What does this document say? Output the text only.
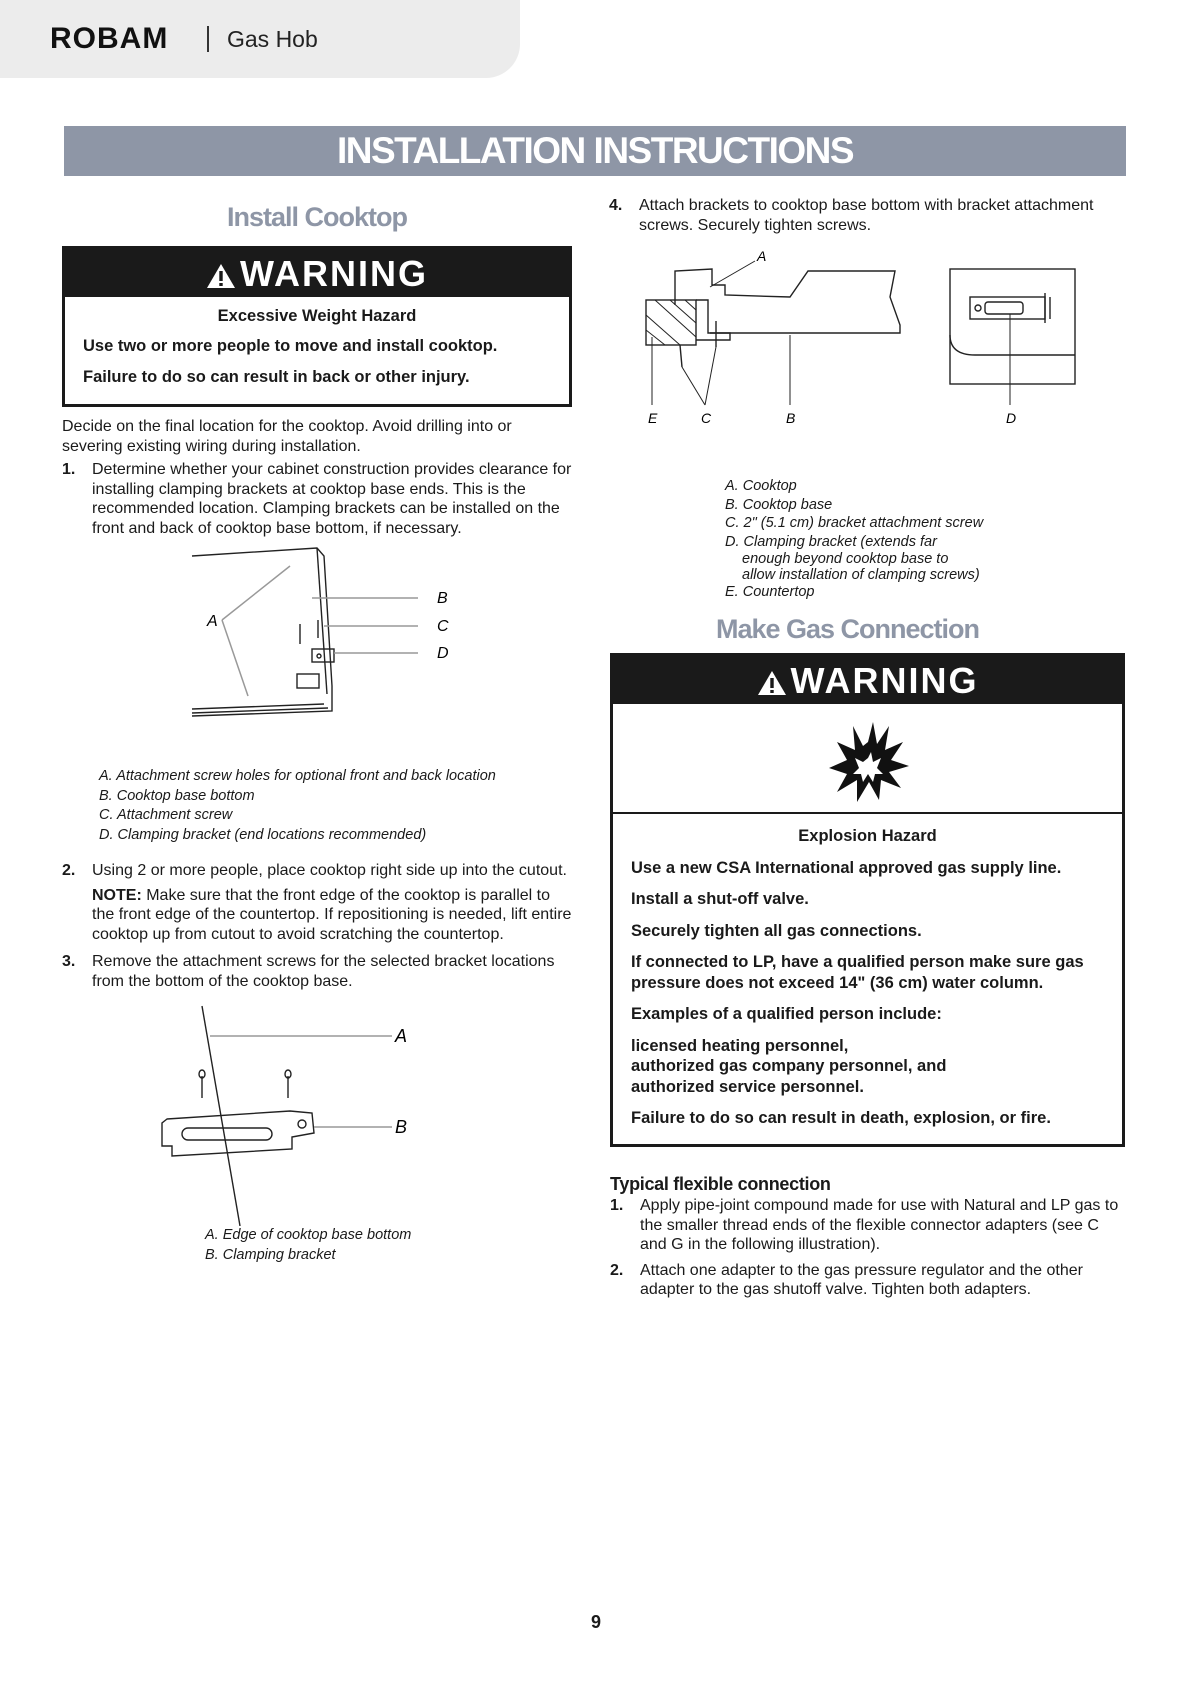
ROBAM	Gas Hob
INSTALLATION INSTRUCTIONS
Install Cooktop
WARNING

Excessive Weight Hazard

Use two or more people to move and install cooktop.

Failure to do so can result in back or other injury.

Decide on the final location for the cooktop. Avoid drilling into or severing existing wiring during installation.

1. Determine whether your cabinet construction provides clearance for installing clamping brackets at cooktop base ends. This is the recommended location. Clamping brackets can be installed on the front and back of cooktop base bottom, if necessary.

A
B
C
D
A. Attachment screw holes for optional front and back location
B. Cooktop base bottom
C. Attachment screw
D. Clamping bracket (end locations recommended)
2. Using 2 or more people, place cooktop right side up into the cutout.

NOTE: Make sure that the front edge of the cooktop is parallel to the front edge of the countertop. If repositioning is needed, lift entire cooktop up from cutout to avoid scratching the countertop.

3. Remove the attachment screws for the selected bracket locations from the bottom of the cooktop base.

A
B
A. Edge of cooktop base bottom
B. Clamping bracket
4. Attach brackets to cooktop base bottom with bracket attachment screws. Securely tighten screws.

A
E	C	B	D
A. Cooktop
B. Cooktop base
C. 2" (5.1 cm) bracket attachment screw
D. Clamping bracket (extends far
enough beyond cooktop base to
allow installation of clamping screws)
E. Countertop
Make Gas Connection
WARNING

Explosion Hazard

Use a new CSA International approved gas supply line.

Install a shut-off valve.

Securely tighten all gas connections.

If connected to LP, have a qualified person make sure gas pressure does not exceed 14" (36 cm) water column.

Examples of a qualified person include:

licensed heating personnel,

authorized gas company personnel, and

authorized service personnel.

Failure to do so can result in death, explosion, or fire.

Typical flexible connection
1. Apply pipe-joint compound made for use with Natural and LP gas to the smaller thread ends of the flexible connector adapters (see C and G in the following illustration).

2. Attach one adapter to the gas pressure regulator and the other adapter to the gas shutoff valve. Tighten both adapters.

9
